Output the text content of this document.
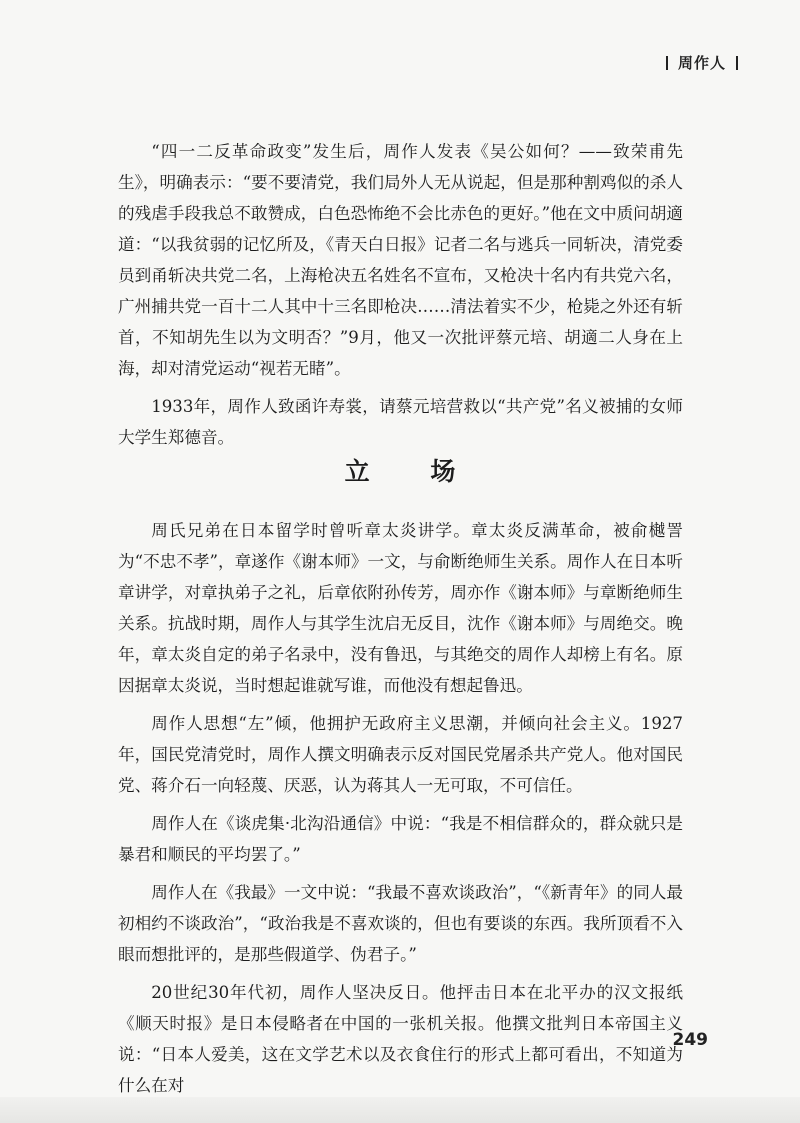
周作人

“四一二反革命政变”发生后，周作人发表《吴公如何？——致荣甫先生》，明确表示：“要不要清党，我们局外人无从说起，但是那种割鸡似的杀人的残虐手段我总不敢赞成，白色恐怖绝不会比赤色的更好。”他在文中质问胡適道：“以我贫弱的记忆所及，《青天白日报》记者二名与逃兵一同斩决，清党委员到甬斩决共党二名，上海枪决五名姓名不宣布，又枪决十名内有共党六名，广州捕共党一百十二人其中十三名即枪决……清法着实不少，枪毙之外还有斩首，不知胡先生以为文明否？”9月，他又一次批评蔡元培、胡適二人身在上海，却对清党运动“视若无睹”。

1933年，周作人致函许寿裳，请蔡元培营救以“共产党”名义被捕的女师大学生郑德音。

立 场

周氏兄弟在日本留学时曾听章太炎讲学。章太炎反满革命，被俞樾詈为“不忠不孝”，章遂作《谢本师》一文，与俞断绝师生关系。周作人在日本听章讲学，对章执弟子之礼，后章依附孙传芳，周亦作《谢本师》与章断绝师生关系。抗战时期，周作人与其学生沈启无反目，沈作《谢本师》与周绝交。晚年，章太炎自定的弟子名录中，没有鲁迅，与其绝交的周作人却榜上有名。原因据章太炎说，当时想起谁就写谁，而他没有想起鲁迅。

周作人思想“左”倾，他拥护无政府主义思潮，并倾向社会主义。1927年，国民党清党时，周作人撰文明确表示反对国民党屠杀共产党人。他对国民党、蒋介石一向轻蔑、厌恶，认为蒋其人一无可取，不可信任。

周作人在《谈虎集·北沟沿通信》中说：“我是不相信群众的，群众就只是暴君和顺民的平均罢了。”

周作人在《我最》一文中说：“我最不喜欢谈政治”，“《新青年》的同人最初相约不谈政治”，“政治我是不喜欢谈的，但也有要谈的东西。我所顶看不入眼而想批评的，是那些假道学、伪君子。”

20世纪30年代初，周作人坚决反日。他抨击日本在北平办的汉文报纸《顺天时报》是日本侵略者在中国的一张机关报。他撰文批判日本帝国主义说：“日本人爱美，这在文学艺术以及衣食住行的形式上都可看出，不知道为什么在对

249
